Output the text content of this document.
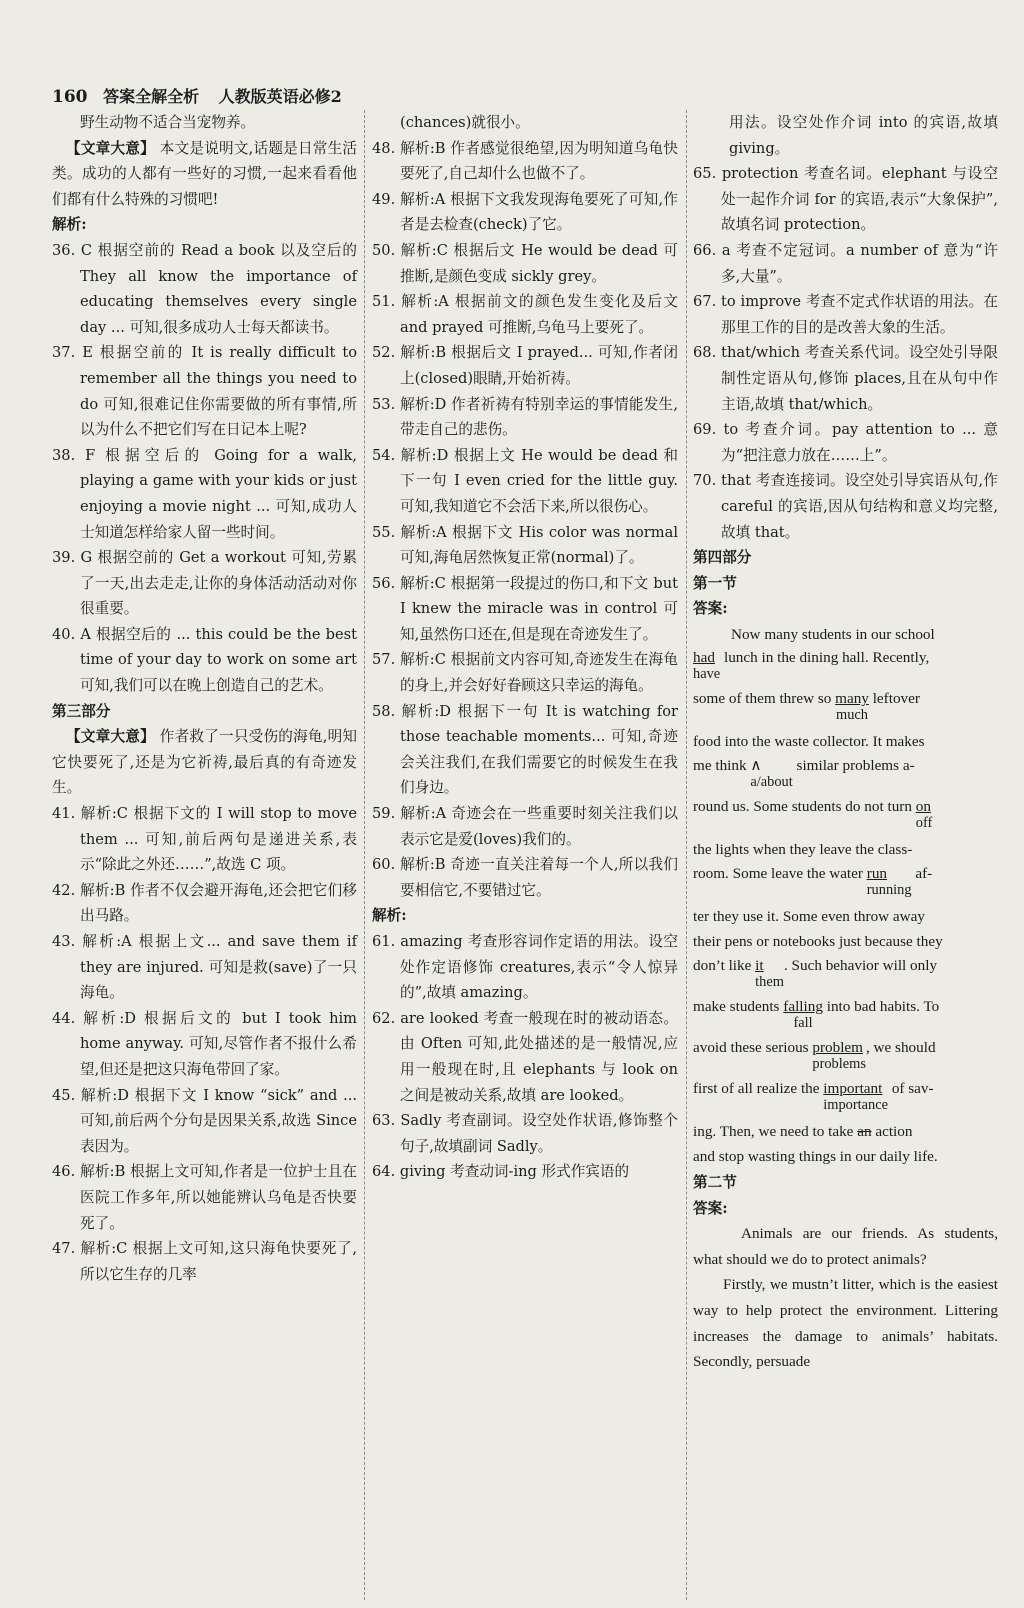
160 答案全解全析 人教版英语必修2

野生动物不适合当宠物养。

【文章大意】 本文是说明文,话题是日常生活类。成功的人都有一些好的习惯,一起来看看他们都有什么特殊的习惯吧!

解析:

36. C 根据空前的 Read a book 以及空后的 They all know the importance of educating themselves every single day ... 可知,很多成功人士每天都读书。

37. E 根据空前的 It is really difficult to remember all the things you need to do 可知,很难记住你需要做的所有事情,所以为什么不把它们写在日记本上呢?

38. F 根据空后的 Going for a walk, playing a game with your kids or just enjoying a movie night ... 可知,成功人士知道怎样给家人留一些时间。

39. G 根据空前的 Get a workout 可知,劳累了一天,出去走走,让你的身体活动活动对你很重要。

40. A 根据空后的 ... this could be the best time of your day to work on some art 可知,我们可以在晚上创造自己的艺术。

第三部分

【文章大意】 作者救了一只受伤的海龟,明知它快要死了,还是为它祈祷,最后真的有奇迹发生。

41. 解析:C 根据下文的 I will stop to move them ... 可知,前后两句是递进关系,表示“除此之外还……”,故选 C 项。

42. 解析:B 作者不仅会避开海龟,还会把它们移出马路。

43. 解析:A 根据上文... and save them if they are injured. 可知是救(save)了一只海龟。

44. 解析:D 根据后文的 but I took him home anyway. 可知,尽管作者不报什么希望,但还是把这只海龟带回了家。

45. 解析:D 根据下文 I know “sick” and ... 可知,前后两个分句是因果关系,故选 Since 表因为。

46. 解析:B 根据上文可知,作者是一位护士且在医院工作多年,所以她能辨认乌龟是否快要死了。

47. 解析:C 根据上文可知,这只海龟快要死了,所以它生存的几率

(chances)就很小。

48. 解析:B 作者感觉很绝望,因为明知道乌龟快要死了,自己却什么也做不了。

49. 解析:A 根据下文我发现海龟要死了可知,作者是去检查(check)了它。

50. 解析:C 根据后文 He would be dead 可推断,是颜色变成 sickly grey。

51. 解析:A 根据前文的颜色发生变化及后文 and prayed 可推断,乌龟马上要死了。

52. 解析:B 根据后文 I prayed... 可知,作者闭上(closed)眼睛,开始祈祷。

53. 解析:D 作者祈祷有特别幸运的事情能发生,带走自己的悲伤。

54. 解析:D 根据上文 He would be dead 和下一句 I even cried for the little guy. 可知,我知道它不会活下来,所以很伤心。

55. 解析:A 根据下文 His color was normal 可知,海龟居然恢复正常(normal)了。

56. 解析:C 根据第一段提过的伤口,和下文 but I knew the miracle was in control 可知,虽然伤口还在,但是现在奇迹发生了。

57. 解析:C 根据前文内容可知,奇迹发生在海龟的身上,并会好好眷顾这只幸运的海龟。

58. 解析:D 根据下一句 It is watching for those teachable moments... 可知,奇迹会关注我们,在我们需要它的时候发生在我们身边。

59. 解析:A 奇迹会在一些重要时刻关注我们以表示它是爱(loves)我们的。

60. 解析:B 奇迹一直关注着每一个人,所以我们要相信它,不要错过它。

解析:

61. amazing 考查形容词作定语的用法。设空处作定语修饰 creatures,表示“令人惊异的”,故填 amazing。

62. are looked 考查一般现在时的被动语态。由 Often 可知,此处描述的是一般情况,应用一般现在时,且 elephants 与 look on 之间是被动关系,故填 are looked。

63. Sadly 考查副词。设空处作状语,修饰整个句子,故填副词 Sadly。

64. giving 考查动词-ing 形式作宾语的

用法。设空处作介词 into 的宾语,故填 giving。

65. protection 考查名词。elephant 与设空处一起作介词 for 的宾语,表示“大象保护”,故填名词 protection。

66. a 考查不定冠词。a number of 意为“许多,大量”。

67. to improve 考查不定式作状语的用法。在那里工作的目的是改善大象的生活。

68. that/which 考查关系代词。设空处引导限制性定语从句,修饰 places,且在从句中作主语,故填 that/which。

69. to 考查介词。pay attention to ... 意为“把注意力放在……上”。

70. that 考查连接词。设空处引导宾语从句,作 careful 的宾语,因从句结构和意义均完整,故填 that。

第四部分

第一节

答案:

Now many students in our school

had
have
lunch in the dining hall. Recently,

some of them threw so many
much
leftover

food into the waste collector. It makes

me think ∧
a/about
similar problems a-

round us. Some students do not turn on
off

the lights when they leave the class-

room. Some leave the water run
running
af-

ter they use it. Some even throw away

their pens or notebooks just because they

don’t like it
them
. Such behavior will only

make students falling
fall
into bad habits. To

avoid these serious problem
problems
, we should

first of all realize the important
importance
of sav-

ing. Then, we need to take an action

and stop wasting things in our daily life.

第二节

答案:

Animals are our friends. As students, what should we do to protect animals?

Firstly, we mustn’t litter, which is the easiest way to help protect the environment. Littering increases the damage to animals’ habitats. Secondly, persuade
